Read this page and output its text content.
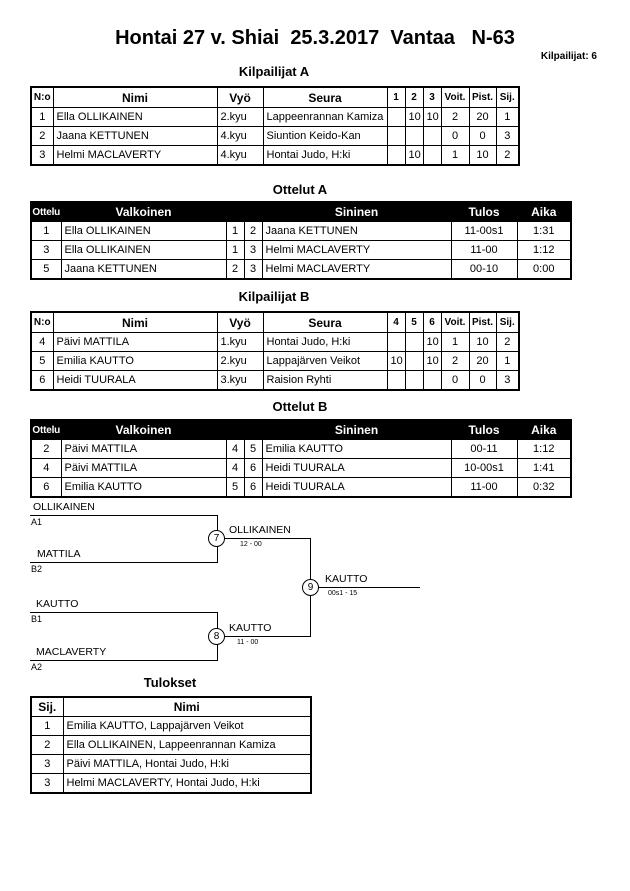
Hontai 27 v. Shiai  25.3.2017  Vantaa   N-63
Kilpailijat: 6
Kilpailijat A
N:o	Nimi	Vyö	Seura	1	2	3	Voit.	Pist.	Sij.
1	Ella OLLIKAINEN	2.kyu	Lappeenrannan Kamiza		10	10	2	20	1
2	Jaana KETTUNEN	4.kyu	Siuntion Keido-Kan				0	0	3
3	Helmi MACLAVERTY	4.kyu	Hontai Judo, H:ki		10		1	10	2
Ottelut A
Ottelu	Valkoinen			Sininen	Tulos	Aika
1	Ella OLLIKAINEN	1	2	Jaana KETTUNEN	11-00s1	1:31
3	Ella OLLIKAINEN	1	3	Helmi MACLAVERTY	11-00	1:12
5	Jaana KETTUNEN	2	3	Helmi MACLAVERTY	00-10	0:00
Kilpailijat B
N:o	Nimi	Vyö	Seura	4	5	6	Voit.	Pist.	Sij.
4	Päivi MATTILA	1.kyu	Hontai Judo, H:ki			10	1	10	2
5	Emilia KAUTTO	2.kyu	Lappajärven Veikot	10		10	2	20	1
6	Heidi TUURALA	3.kyu	Raision Ryhti				0	0	3
Ottelut B
Ottelu	Valkoinen			Sininen	Tulos	Aika
2	Päivi MATTILA	4	5	Emilia KAUTTO	00-11	1:12
4	Päivi MATTILA	4	6	Heidi TUURALA	10-00s1	1:41
6	Emilia KAUTTO	5	6	Heidi TUURALA	11-00	0:32
OLLIKAINEN
A1
MATTILA
B2
7
OLLIKAINEN
12 - 00
KAUTTO
B1
MACLAVERTY
A2
8
KAUTTO
11 - 00
9
KAUTTO
00s1 - 15
Tulokset
Sij.	Nimi
1	Emilia KAUTTO, Lappajärven Veikot
2	Ella OLLIKAINEN, Lappeenrannan Kamiza
3	Päivi MATTILA, Hontai Judo, H:ki
3	Helmi MACLAVERTY, Hontai Judo, H:ki
